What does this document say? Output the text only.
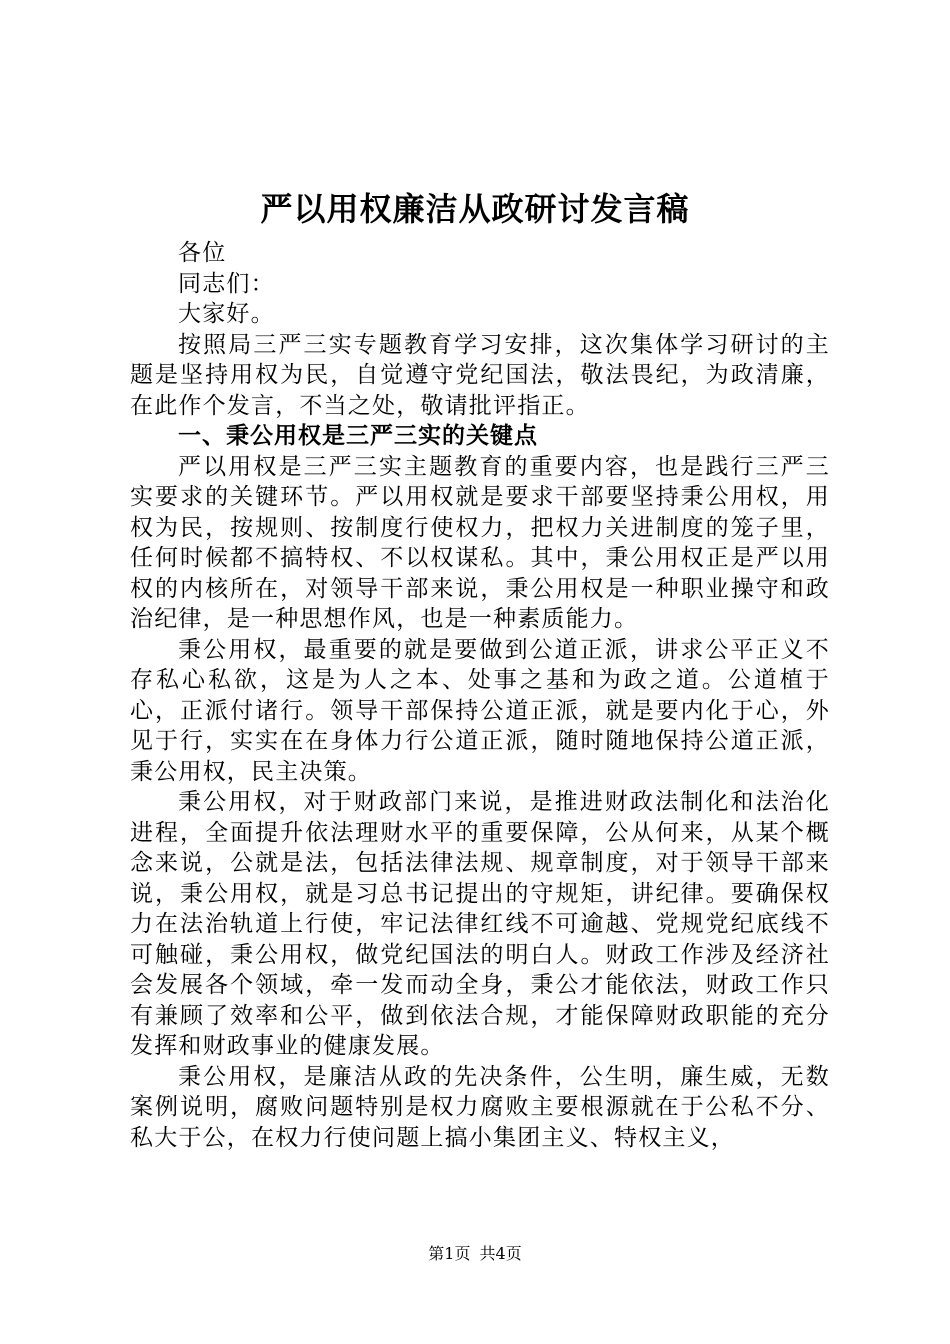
严以用权廉洁从政研讨发言稿

各位

同志们：

大家好。

按照局三严三实专题教育学习安排，这次集体学习研讨的主题是坚持用权为民，自觉遵守党纪国法，敬法畏纪，为政清廉，在此作个发言，不当之处，敬请批评指正。

一、秉公用权是三严三实的关键点

严以用权是三严三实主题教育的重要内容，也是践行三严三实要求的关键环节。严以用权就是要求干部要坚持秉公用权，用权为民，按规则、按制度行使权力，把权力关进制度的笼子里，任何时候都不搞特权、不以权谋私。其中，秉公用权正是严以用权的内核所在，对领导干部来说，秉公用权是一种职业操守和政治纪律，是一种思想作风，也是一种素质能力。

秉公用权，最重要的就是要做到公道正派，讲求公平正义不存私心私欲，这是为人之本、处事之基和为政之道。公道植于心，正派付诸行。领导干部保持公道正派，就是要内化于心，外见于行，实实在在身体力行公道正派，随时随地保持公道正派，秉公用权，民主决策。

秉公用权，对于财政部门来说，是推进财政法制化和法治化进程，全面提升依法理财水平的重要保障，公从何来，从某个概念来说，公就是法，包括法律法规、规章制度，对于领导干部来说，秉公用权，就是习总书记提出的守规矩，讲纪律。要确保权力在法治轨道上行使，牢记法律红线不可逾越、党规党纪底线不可触碰，秉公用权，做党纪国法的明白人。财政工作涉及经济社会发展各个领域，牵一发而动全身，秉公才能依法，财政工作只有兼顾了效率和公平，做到依法合规，才能保障财政职能的充分发挥和财政事业的健康发展。

秉公用权，是廉洁从政的先决条件，公生明，廉生威，无数案例说明，腐败问题特别是权力腐败主要根源就在于公私不分、私大于公，在权力行使问题上搞小集团主义、特权主义，

第1页 共4页
